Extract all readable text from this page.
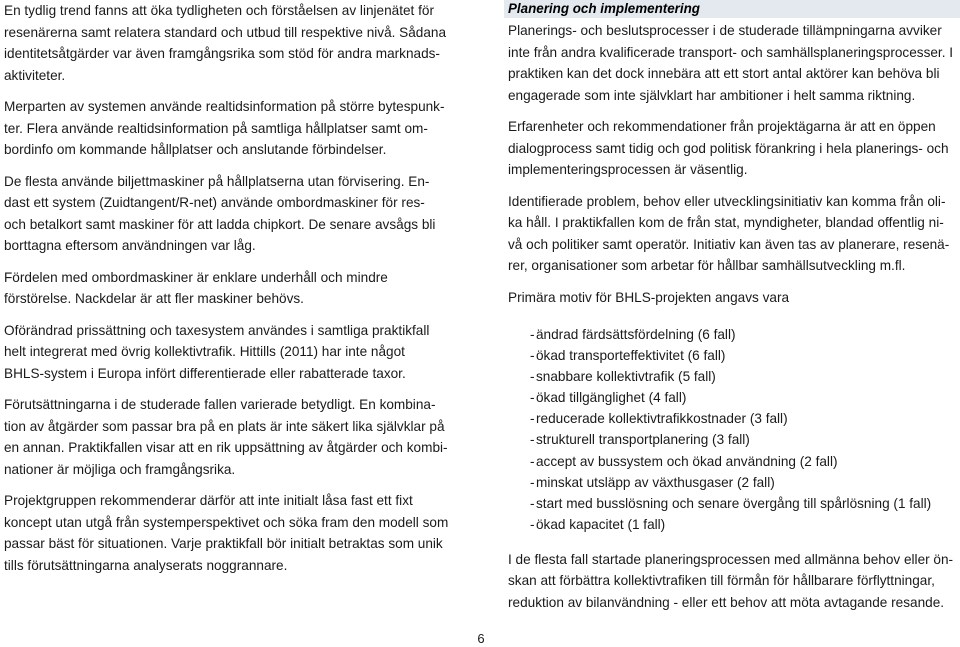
En tydlig trend fanns att öka tydligheten och förståelsen av linjenätet för
resenärerna samt relatera standard och utbud till respektive nivå. Sådana
identitetsåtgärder var även framgångsrika som stöd för andra marknads-
aktiviteter.

Merparten av systemen använde realtidsinformation på större bytespunk-
ter. Flera använde realtidsinformation på samtliga hållplatser samt om-
bordinfo om kommande hållplatser och anslutande förbindelser.

De flesta använde biljettmaskiner på hållplatserna utan förvisering. En-
dast ett system (Zuidtangent/R-net) använde ombordmaskiner för res-
och betalkort samt maskiner för att ladda chipkort. De senare avsågs bli
borttagna eftersom användningen var låg.

Fördelen med ombordmaskiner är enklare underhåll och mindre
förstörelse. Nackdelar är att fler maskiner behövs.

Oförändrad prissättning och taxesystem användes i samtliga praktikfall
helt integrerat med övrig kollektivtrafik. Hittills (2011) har inte något
BHLS-system i Europa infört differentierade eller rabatterade taxor.

Förutsättningarna i de studerade fallen varierade betydligt. En kombina-
tion av åtgärder som passar bra på en plats är inte säkert lika självklar på
en annan. Praktikfallen visar att en rik uppsättning av åtgärder och kombi-
nationer är möjliga och framgångsrika.

Projektgruppen rekommenderar därför att inte initialt låsa fast ett fixt
koncept utan utgå från systemperspektivet och söka fram den modell som
passar bäst för situationen. Varje praktikfall bör initialt betraktas som unik
tills förutsättningarna analyserats noggrannare.

Planering och implementering

Planerings- och beslutsprocesser i de studerade tillämpningarna avviker
inte från andra kvalificerade transport- och samhällsplaneringsprocesser. I
praktiken kan det dock innebära att ett stort antal aktörer kan behöva bli
engagerade som inte självklart har ambitioner i helt samma riktning.

Erfarenheter och rekommendationer från projektägarna är att en öppen
dialogprocess samt tidig och god politisk förankring i hela planerings- och
implementeringsprocessen är väsentlig.

Identifierade problem, behov eller utvecklingsinitiativ kan komma från oli-
ka håll. I praktikfallen kom de från stat, myndigheter, blandad offentlig ni-
vå och politiker samt operatör. Initiativ kan även tas av planerare, resenä-
rer, organisationer som arbetar för hållbar samhällsutveckling m.fl.

Primära motiv för BHLS-projekten angavs vara

- ändrad färdsättsfördelning (6 fall)
- ökad transporteffektivitet (6 fall)
- snabbare kollektivtrafik (5 fall)
- ökad tillgänglighet (4 fall)
- reducerade kollektivtrafikkostnader (3 fall)
- strukturell transportplanering (3 fall)
- accept av bussystem och ökad användning (2 fall)
- minskat utsläpp av växthusgaser (2 fall)
- start med busslösning och senare övergång till spårlösning (1 fall)
- ökad kapacitet (1 fall)

I de flesta fall startade planeringsprocessen med allmänna behov eller ön-
skan att förbättra kollektivtrafiken till förmån för hållbarare förflyttningar,
reduktion av bilanvändning - eller ett behov att möta avtagande resande.

6
